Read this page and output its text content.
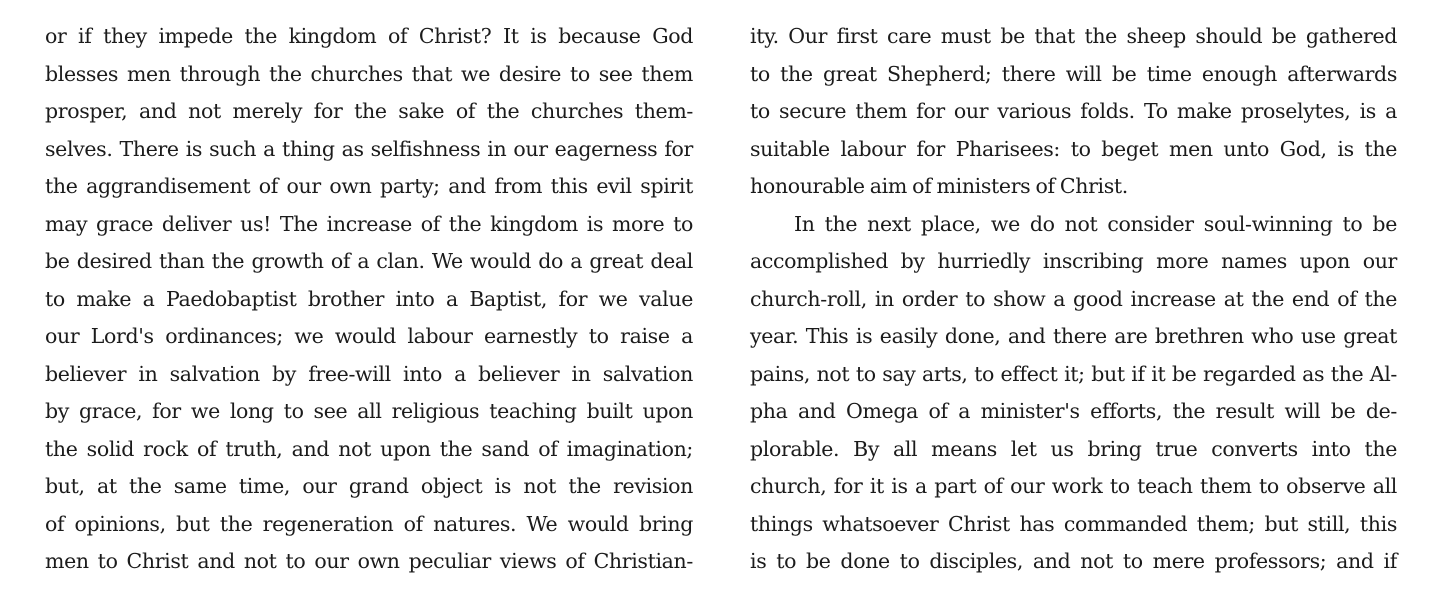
or if they impede the kingdom of Christ? It is because God
blesses men through the churches that we desire to see them
prosper, and not merely for the sake of the churches them-
selves. There is such a thing as selfishness in our eagerness for
the aggrandisement of our own party; and from this evil spirit
may grace deliver us! The increase of the kingdom is more to
be desired than the growth of a clan. We would do a great deal
to make a Paedobaptist brother into a Baptist, for we value
our Lord's ordinances; we would labour earnestly to raise a
believer in salvation by free-will into a believer in salvation
by grace, for we long to see all religious teaching built upon
the solid rock of truth, and not upon the sand of imagination;
but, at the same time, our grand object is not the revision
of opinions, but the regeneration of natures. We would bring
men to Christ and not to our own peculiar views of Christian-
ity. Our first care must be that the sheep should be gathered
to the great Shepherd; there will be time enough afterwards
to secure them for our various folds. To make proselytes, is a
suitable labour for Pharisees: to beget men unto God, is the
honourable aim of ministers of Christ.
In the next place, we do not consider soul-winning to be
accomplished by hurriedly inscribing more names upon our
church-roll, in order to show a good increase at the end of the
year. This is easily done, and there are brethren who use great
pains, not to say arts, to effect it; but if it be regarded as the Al-
pha and Omega of a minister's efforts, the result will be de-
plorable. By all means let us bring true converts into the
church, for it is a part of our work to teach them to observe all
things whatsoever Christ has commanded them; but still, this
is to be done to disciples, and not to mere professors; and if
